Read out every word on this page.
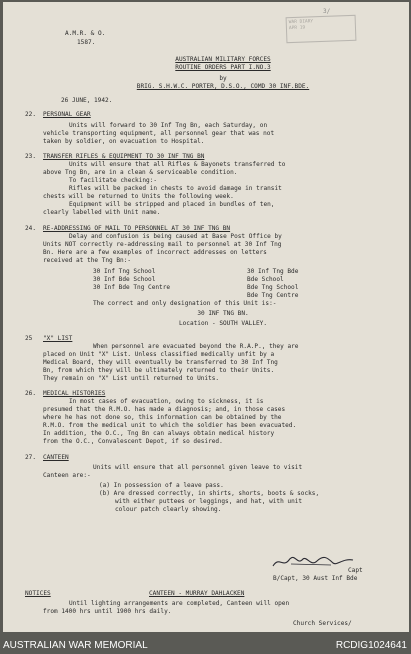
A.M.R. & O.
1587.
3/
WAR DIARY
APR 19
AUSTRALIAN MILITARY FORCES
ROUTINE ORDERS PART I.NO.3
by
BRIG. S.H.W.C. PORTER, D.S.O., COMD 30 INF.BDE.
26 JUNE, 1942.
22. PERSONAL GEAR
Units will forward to 30 Inf Tng Bn, each Saturday, on
vehicle transporting equipment, all personnel gear that was not
taken by soldier, on evacuation to Hospital.
23. TRANSFER RIFLES & EQUIPMENT TO 30 INF TNG BN
Units will ensure that all Rifles & Bayonets transferred to
above Tng Bn, are in a clean & serviceable condition.
To facilitate checking:-
Rifles will be packed in chests to avoid damage in transit
chests will be returned to Units the following week.
Equipment will be stripped and placed in bundles of ten,
clearly labelled with Unit name.
24. RE-ADDRESSING OF MAIL TO PERSONNEL AT 30 INF TNG BN
Delay and confusion is being caused at Base Post Office by
Units NOT correctly re-addressing mail to personnel at 30 Inf Tng
Bn. Here are a few examples of incorrect addresses on letters
received at the Tng Bn:-
30 Inf Tng School
30 Inf Bde School
30 Inf Bde Tng Centre
30 Inf Tng Bde
Bde School
Bde Tng School
Bde Tng Centre
The correct and only designation of this Unit is:-
30 INF TNG BN.
Location - SOUTH VALLEY.
25 "X" LIST
When personnel are evacuated beyond the R.A.P., they are
placed on Unit "X" List. Unless classified medically unfit by a
Medical Board, they will eventually be transferred to 30 Inf Tng
Bn, from which they will be ultimately returned to their Units.
They remain on "X" List until returned to Units.
26. MEDICAL HISTORIES
In most cases of evacuation, owing to sickness, it is
presumed that the R.M.O. has made a diagnosis; and, in those cases
where he has not done so, this information can be obtained by the
R.M.O. from the medical unit to which the soldier has been evacuated.
In addition, the O.C., Tng Bn can always obtain medical history
from the O.C., Convalescent Depot, if so desired.
27. CANTEEN
Units will ensure that all personnel given leave to visit
Canteen are:-
(a) In possession of a leave pass.
(b) Are dressed correctly, in shirts, shorts, boots & socks,
with either puttees or leggings, and hat, with unit
colour patch clearly showing.
Capt
B/Capt, 30 Aust Inf Bde
NOTICES	CANTEEN - MURRAY DAHLACKEN
Until lighting arrangements are completed, Canteen will open
from 1400 hrs until 1900 hrs daily.
Church Services/
AUSTRALIAN WAR MEMORIAL	RCDIG1024641
